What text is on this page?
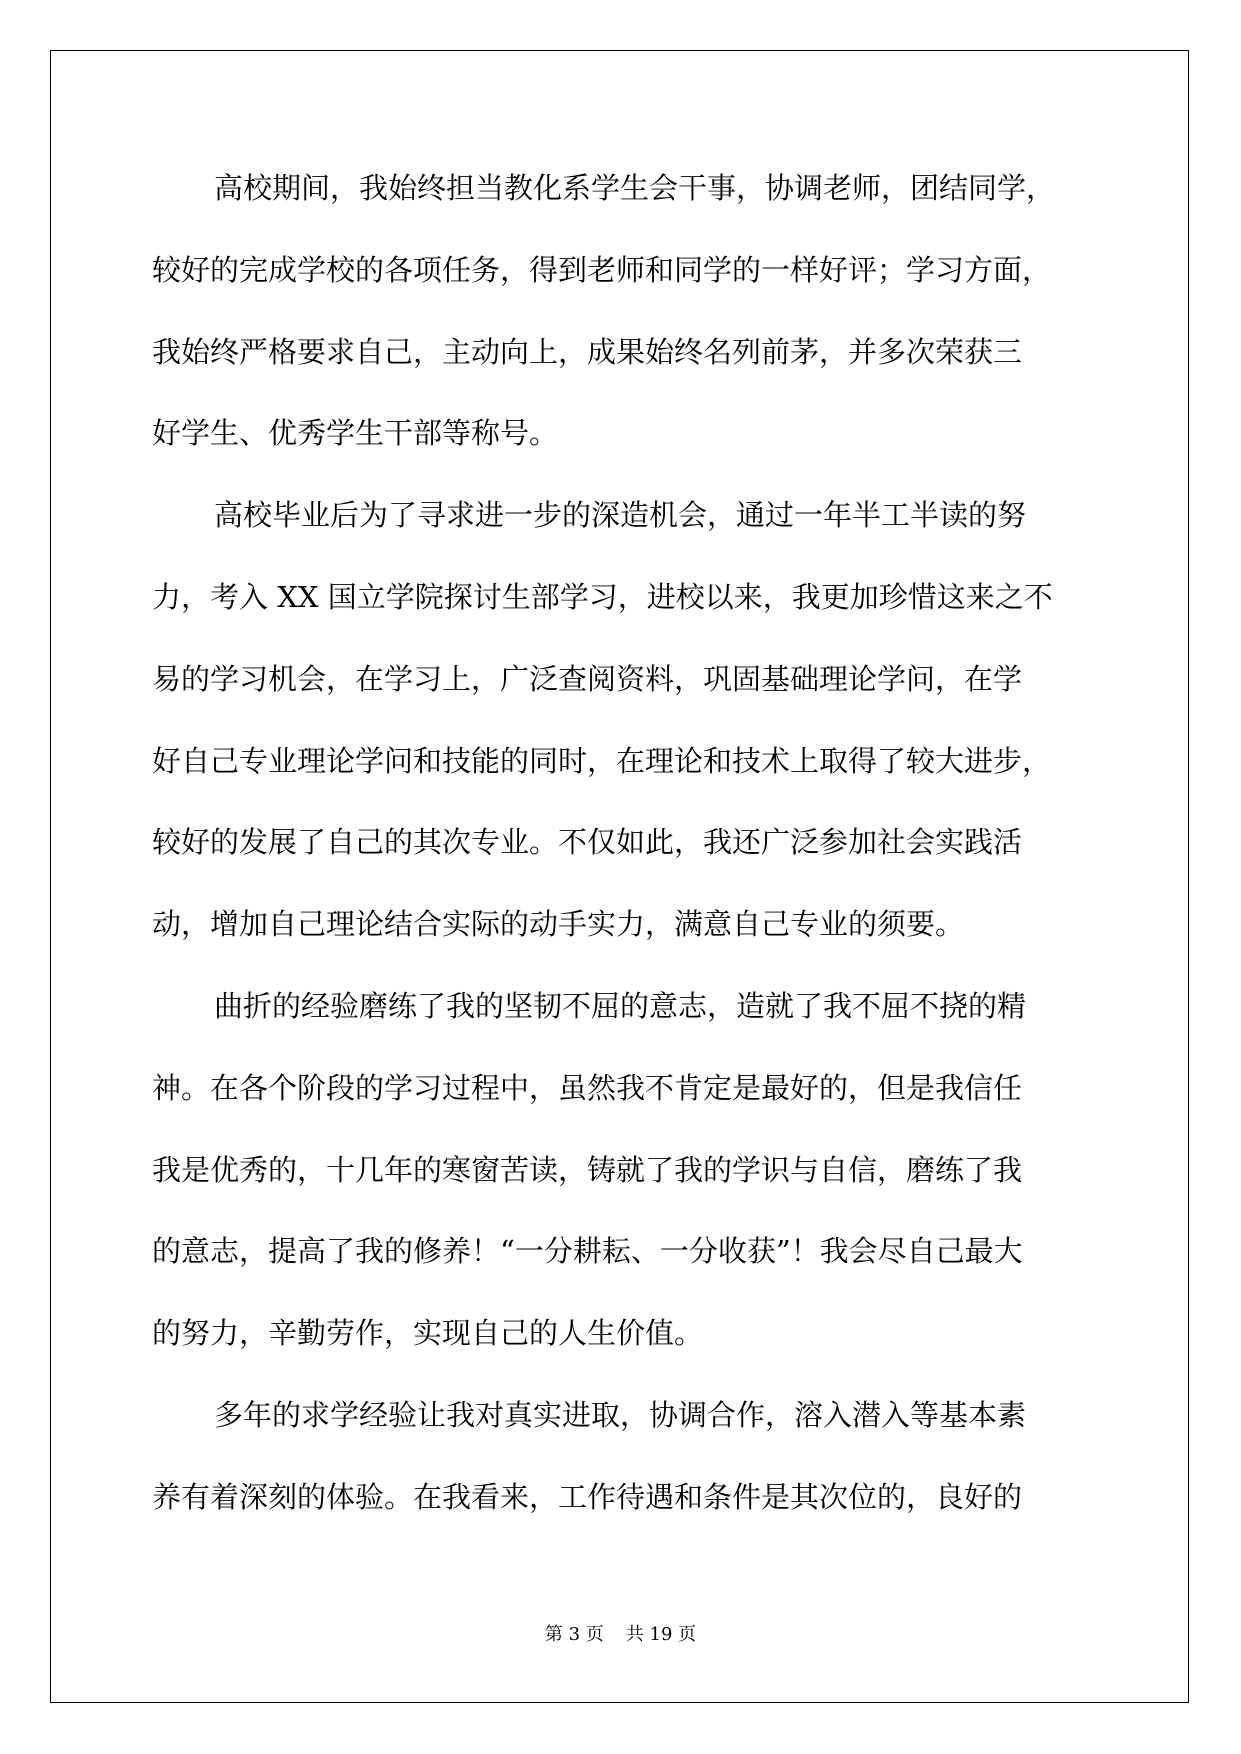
高校期间，我始终担当教化系学生会干事，协调老师，团结同学，
较好的完成学校的各项任务，得到老师和同学的一样好评；学习方面，
我始终严格要求自己，主动向上，成果始终名列前茅，并多次荣获三
好学生、优秀学生干部等称号。
高校毕业后为了寻求进一步的深造机会，通过一年半工半读的努
力，考入 XX 国立学院探讨生部学习，进校以来，我更加珍惜这来之不
易的学习机会，在学习上，广泛查阅资料，巩固基础理论学问，在学
好自己专业理论学问和技能的同时，在理论和技术上取得了较大进步，
较好的发展了自己的其次专业。不仅如此，我还广泛参加社会实践活
动，增加自己理论结合实际的动手实力，满意自己专业的须要。
曲折的经验磨练了我的坚韧不屈的意志，造就了我不屈不挠的精
神。在各个阶段的学习过程中，虽然我不肯定是最好的，但是我信任
我是优秀的，十几年的寒窗苦读，铸就了我的学识与自信，磨练了我
的意志，提高了我的修养！“一分耕耘、一分收获”！我会尽自己最大
的努力，辛勤劳作，实现自己的人生价值。
多年的求学经验让我对真实进取，协调合作，溶入潜入等基本素
养有着深刻的体验。在我看来，工作待遇和条件是其次位的，良好的
第 3 页 共 19 页
